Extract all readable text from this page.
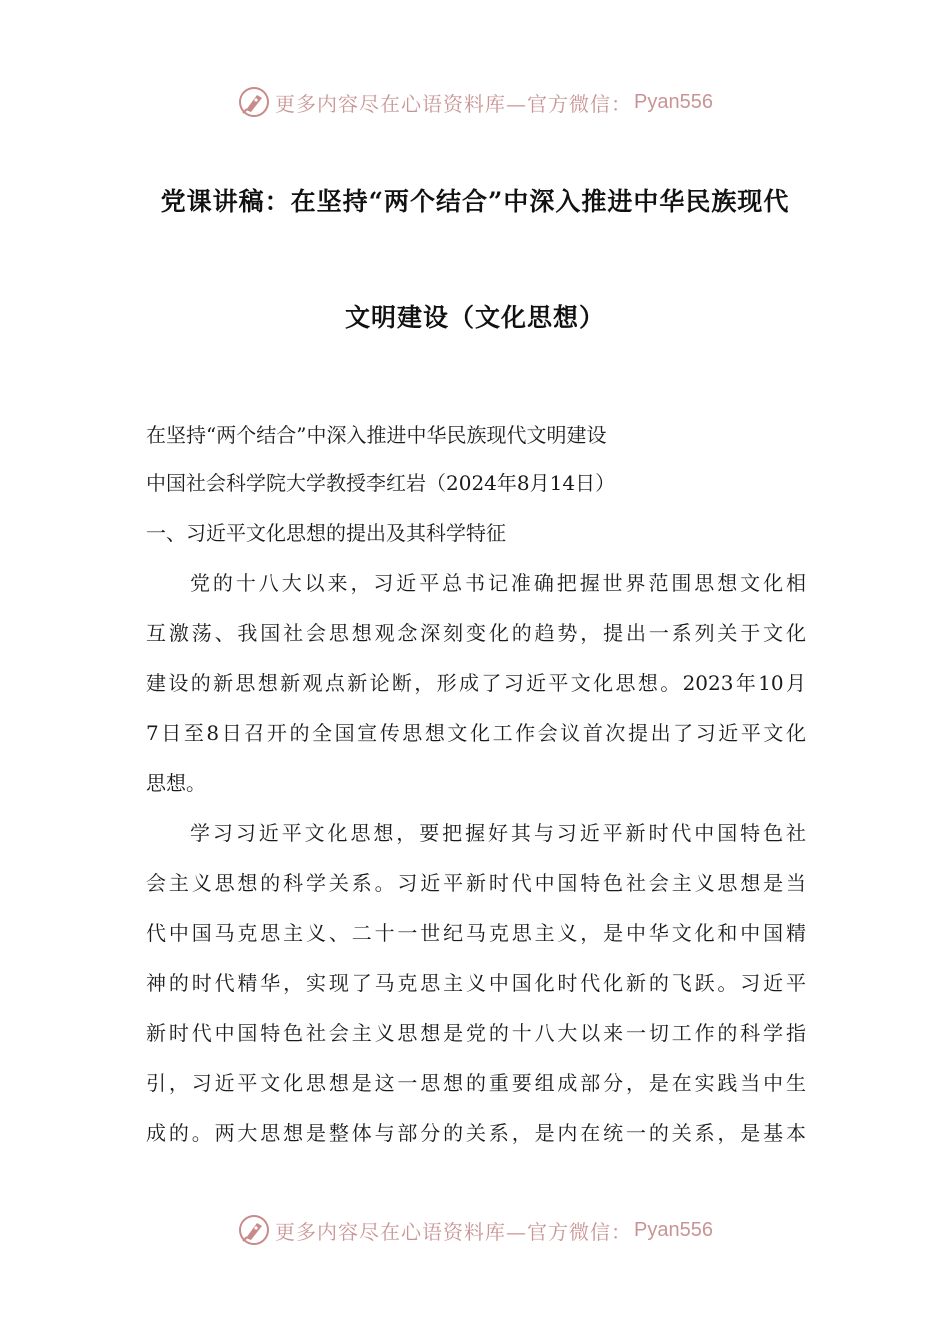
更多内容尽在心语资料库—官方微信： Pyan556
党课讲稿：在坚持“两个结合”中深入推进中华民族现代
文明建设（文化思想）
在坚持“两个结合”中深入推进中华民族现代文明建设
中国社会科学院大学教授李红岩（2024年8月14日）
一、习近平文化思想的提出及其科学特征
党的十八大以来，习近平总书记准确把握世界范围思想文化相
互激荡、我国社会思想观念深刻变化的趋势，提出一系列关于文化
建设的新思想新观点新论断，形成了习近平文化思想。2023年10月
7日至8日召开的全国宣传思想文化工作会议首次提出了习近平文化
思想。
学习习近平文化思想，要把握好其与习近平新时代中国特色社
会主义思想的科学关系。习近平新时代中国特色社会主义思想是当
代中国马克思主义、二十一世纪马克思主义，是中华文化和中国精
神的时代精华，实现了马克思主义中国化时代化新的飞跃。习近平
新时代中国特色社会主义思想是党的十八大以来一切工作的科学指
引，习近平文化思想是这一思想的重要组成部分，是在实践当中生
成的。两大思想是整体与部分的关系，是内在统一的关系，是基本
更多内容尽在心语资料库—官方微信： Pyan556
